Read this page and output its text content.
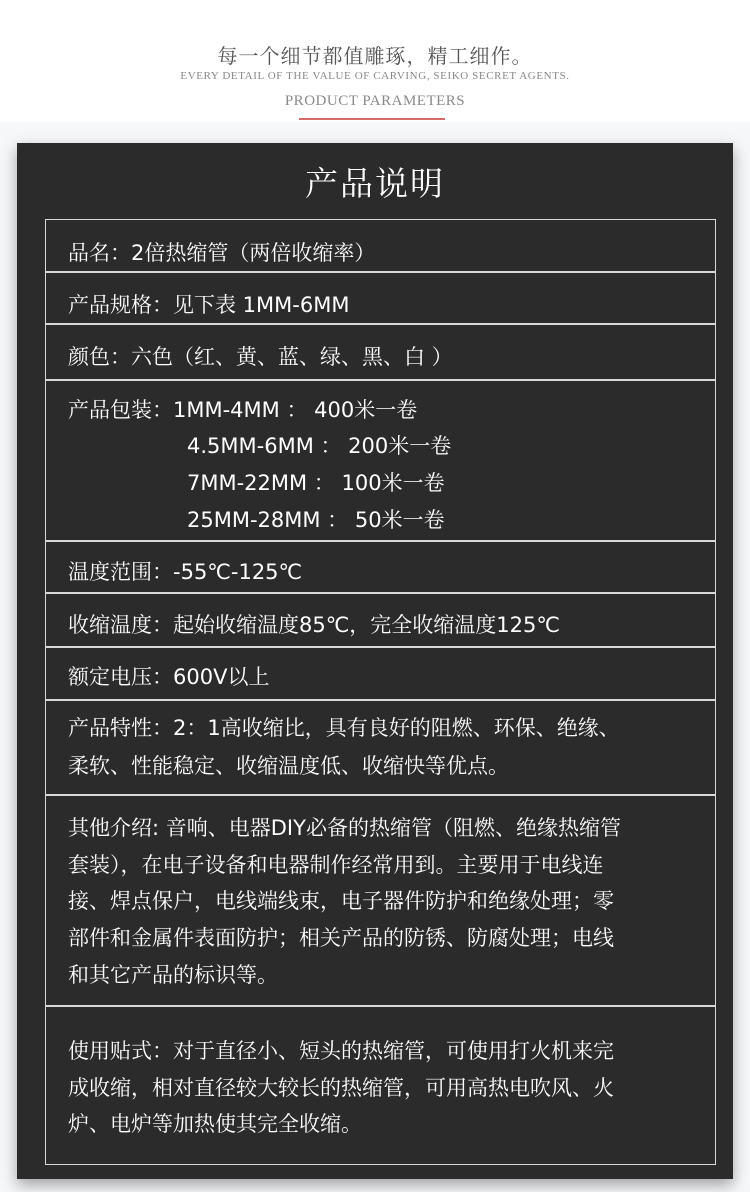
每一个细节都值雕琢，精工细作。
EVERY DETAIL OF THE VALUE OF CARVING, SEIKO SECRET AGENTS.
PRODUCT PARAMETERS
产品说明
品名：2倍热缩管（两倍收缩率）
产品规格：见下表 1MM-6MM
颜色：六色（红、黄、蓝、绿、黑、白 ）
产品包装：1MM-4MM ： 400米一卷
4.5MM-6MM ： 200米一卷
7MM-22MM ： 100米一卷
25MM-28MM ： 50米一卷
温度范围：-55℃-125℃
收缩温度：起始收缩温度85℃，完全收缩温度125℃
额定电压：600V以上
产品特性：2：1高收缩比，具有良好的阻燃、环保、绝缘、
柔软、性能稳定、收缩温度低、收缩快等优点。
其他介绍: 音响、电器DIY必备的热缩管（阻燃、绝缘热缩管
套装），在电子设备和电器制作经常用到。主要用于电线连
接、焊点保户，电线端线束，电子器件防护和绝缘处理；零
部件和金属件表面防护；相关产品的防锈、防腐处理；电线
和其它产品的标识等。
使用贴式：对于直径小、短头的热缩管，可使用打火机来完
成收缩，相对直径较大较长的热缩管，可用高热电吹风、火
炉、电炉等加热使其完全收缩。
